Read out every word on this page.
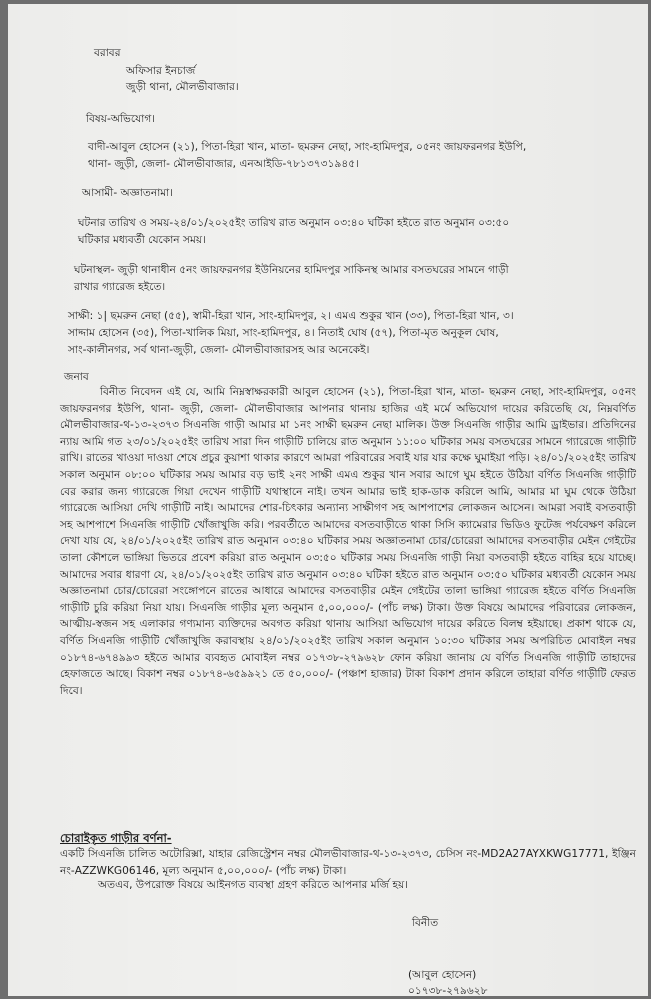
বরাবর
অফিসার ইনচার্জ
জুড়ী থানা, মৌলভীবাজার।
বিষয়-অভিযোগ।
বাদী-আবুল হোসেন (২১), পিতা-হিরা খান, মাতা- ছমরুন নেছা, সাং-হামিদপুর, ০৫নং জায়ফরনগর ইউপি,
থানা- জুড়ী, জেলা- মৌলভীবাজার, এনআইডি-৭৮১৩৭৩১৯৪৫।
আসামী- অজ্ঞাতনামা।
ঘটনার তারিখ ও সময়-২৪/০১/২০২৫ইং তারিখ রাত অনুমান ০৩:৪০ ঘটিকা হইতে রাত অনুমান ০৩:৫০
ঘটিকার মধ্যবর্তী যেকোন সময়।
ঘটনাস্থল- জুড়ী থানাধীন ৫নং জায়ফরনগর ইউনিয়নের হামিদপুর সাকিনস্থ আমার বসতঘরের সামনে গাড়ী
রাখার গ্যারেজ হইতে।
সাক্ষী: ১| ছমরুন নেছা (৫৫), স্বামী-হিরা খান, সাং-হামিদপুর, ২। এমএ শুকুর খান (৩৩), পিতা-হিরা খান, ৩।
সাদ্দাম হোসেন (৩৫), পিতা-খালিক মিয়া, সাং-হামিদপুর, ৪। নিতাই ঘোষ (৫৭), পিতা-মৃত অনুকূল ঘোষ,
সাং-কালীনগর, সর্ব থানা-জুড়ী, জেলা- মৌলভীবাজারসহ আর অনেকেই।
জনাব
বিনীত নিবেদন এই যে, আমি নিম্নস্বাক্ষরকারী আবুল হোসেন (২১), পিতা-হিরা খান, মাতা- ছমরুন নেছা, সাং-হামিদপুর, ০৫নং জায়ফরনগর ইউপি, থানা- জুড়ী, জেলা- মৌলভীবাজার আপনার থানায় হাজির এই মর্মে অভিযোগ দায়ের করিতেছি যে, নিম্নবর্ণিত মৌলভীবাজার-থ-১৩-২৩৭৩ সিএনজি গাড়ী আমার মা ১নং সাক্ষী ছমরুন নেছা মালিক। উক্ত সিএনজি গাড়ীর আমি ড্রাইভার। প্রতিদিনের ন্যায় আমি গত ২৩/০১/২০২৫ইং তারিখ সারা দিন গাড়ীটি চালিয়ে রাত অনুমান ১১:০০ ঘটিকার সময় বসতঘরের সামনে গ্যারেজে গাড়ীটি রাখি। রাতের খাওয়া দাওয়া শেষে প্রচুর কুয়াশা থাকার কারণে আমরা পরিবারের সবাই যার যার কক্ষে ঘুমাইয়া পড়ি। ২৪/০১/২০২৫ইং তারিখ সকাল অনুমান ০৮:০০ ঘটিকার সময় আমার বড় ভাই ২নং সাক্ষী এমএ শুকুর খান সবার আগে ঘুম হইতে উঠিয়া বর্ণিত সিএনজি গাড়ীটি বের করার জন্য গ্যারেজে গিয়া দেখেন গাড়ীটি যথাস্থানে নাই। তখন আমার ভাই হাক-ডাক করিলে আমি, আমার মা ঘুম থেকে উঠিয়া গ্যারেজে আসিয়া দেখি গাড়ীটি নাই। আমাদের শোর-চিৎকার অন্যান্য সাক্ষীগণ সহ আশপাশের লোকজন আসেন। আমরা সবাই বসতবাড়ী সহ আশপাশে সিএনজি গাড়ীটি খোঁজাখুজি করি। পরবর্তীতে আমাদের বসতবাড়ীতে থাকা সিসি ক্যামেরার ভিডিও ফুটেজ পর্যবেক্ষণ করিলে দেখা যায় যে, ২৪/০১/২০২৫ইং তারিখ রাত অনুমান ০৩:৪০ ঘটিকার সময় অজ্ঞাতনামা চোর/চোরেরা আমাদের বসতবাড়ীর মেইন গেইটের তালা কৌশলে ভাঙ্গিয়া ভিতরে প্রবেশ করিয়া রাত অনুমান ০৩:৫০ ঘটিকার সময় সিএনজি গাড়ী নিয়া বসতবাড়ী হইতে বাহির হয়ে যাচ্ছে। আমাদের সবার ধারণা যে, ২৪/০১/২০২৫ইং তারিখ রাত অনুমান ০৩:৪০ ঘটিকা হইতে রাত অনুমান ০৩:৫০ ঘটিকার মধ্যবর্তী যেকোন সময় অজ্ঞাতনামা চোর/চোরেরা সংঙ্গোপনে রাতের আধারে আমাদের বসতবাড়ীর মেইন গেইটের তালা ভাঙ্গিয়া গ্যারেজ হইতে বর্ণিত সিএনজি গাড়ীটি চুরি করিয়া নিয়া যায়। সিএনজি গাড়ীর মূল্য অনুমান ৫,০০,০০০/- (পাঁচ লক্ষ) টাকা। উক্ত বিষয়ে আমাদের পরিবারের লোকজন, আত্মীয়-স্বজন সহ এলাকার গণ্যমান্য ব্যক্তিদের অবগত করিয়া থানায় আসিয়া অভিযোগ দায়ের করিতে বিলম্ব হইয়াছে। প্রকাশ থাকে যে, বর্ণিত সিএনজি গাড়ীটি খোঁজাখুজি করাবস্থায় ২৪/০১/২০২৫ইং তারিখ সকাল অনুমান ১০:৩০ ঘটিকার সময় অপরিচিত মোবাইল নম্বর ০১৮৭৪-৬৭৪৯৯৩ হইতে আমার ব্যবহৃত মোবাইল নম্বর ০১৭৩৮-২৭৯৬২৮ ফোন করিয়া জানায় যে বর্ণিত সিএনজি গাড়ীটি তাহাদের হেফাজতে আছে। বিকাশ নম্বর ০১৮৭৪-৬৫৯৯২১ তে ৫০,০০০/- (পঞ্চাশ হাজার) টাকা বিকাশ প্রদান করিলে তাহারা বর্ণিত গাড়ীটি ফেরত দিবে।
চোরাইকৃত গাড়ীর বর্ণনা-
একটি সিএনজি চালিত অটোরিক্সা, যাহার রেজিস্ট্রেশন নম্বর মৌলভীবাজার-থ-১৩-২৩৭৩, চেসিস নং-MD2A27AYXKWG17771, ইঞ্জিন নং-AZZWKG06146, মূল্য অনুমান ৫,০০,০০০/- (পাঁচ লক্ষ) টাকা।
অতএব, উপরোক্ত বিষয়ে আইনগত ব্যবস্থা গ্রহণ করিতে আপনার মর্জি হয়।
বিনীত
(আবুল হোসেন)
০১৭৩৮-২৭৯৬২৮
